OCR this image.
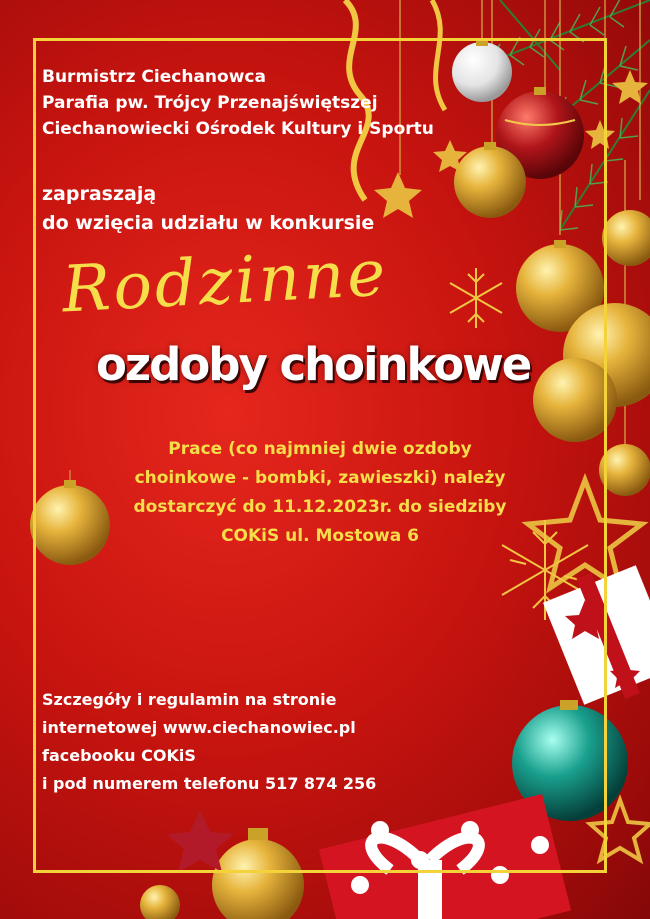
Burmistrz Ciechanowca
Parafia pw. Trójcy Przenajświętszej
Ciechanowiecki Ośrodek Kultury i Sportu
zapraszają
do wzięcia udziału w konkursie
Rodzinne
ozdoby choinkowe
Prace (co najmniej dwie ozdoby
choinkowe - bombki, zawieszki) należy
dostarczyć do 11.12.2023r. do siedziby
COKiS ul. Mostowa 6
Szczegóły i regulamin na stronie
internetowej www.ciechanowiec.pl
facebooku COKiS
i pod numerem telefonu 517 874 256
